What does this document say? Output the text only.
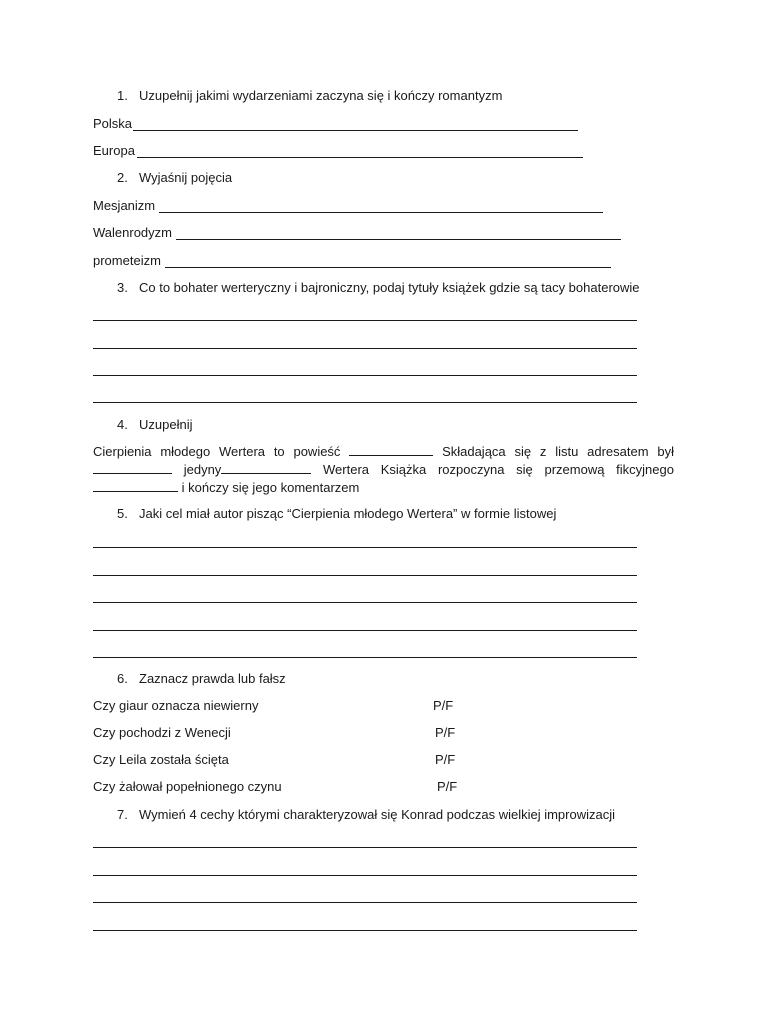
1. Uzupełnij jakimi wydarzeniami zaczyna się i kończy romantyzm
Polska
Europa
2. Wyjaśnij pojęcia
Mesjanizm
Walenrodyzm
prometeizm
3. Co to bohater werteryczny i bajroniczny, podaj tytuły książek gdzie są tacy bohaterowie
4. Uzupełnij
Cierpienia młodego Wertera to powieść	Składająca się z listu adresatem był  jedyny	Wertera Książka rozpoczyna się przemową fikcyjnego  i kończy się jego komentarzem
5. Jaki cel miał autor pisząc “Cierpienia młodego Wertera” w formie listowej
6. Zaznacz prawda lub fałsz
Czy giaur oznacza niewierny	P/F
Czy pochodzi z Wenecji	P/F
Czy Leila została ścięta	P/F
Czy żałował popełnionego czynu	P/F
7. Wymień 4 cechy którymi charakteryzował się Konrad podczas wielkiej improwizacji
